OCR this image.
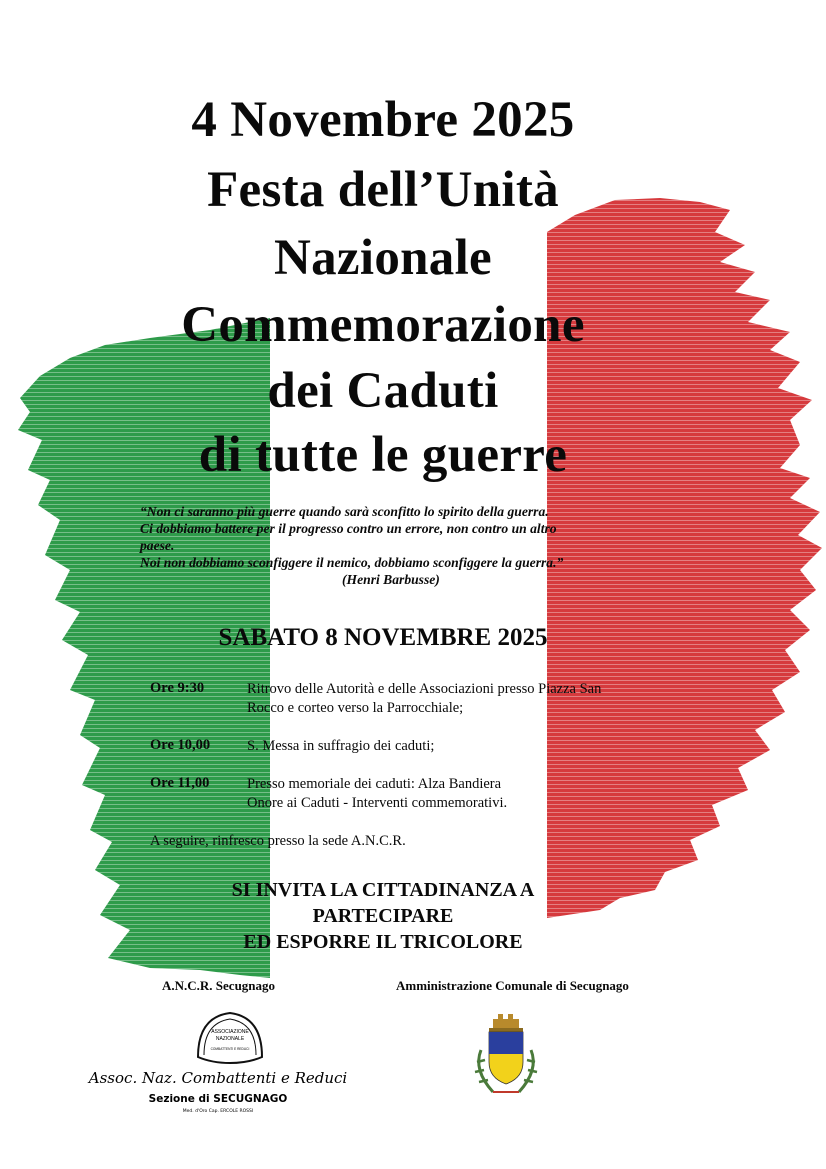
4 Novembre 2025
Festa dell’Unità
Nazionale
Commemorazione
dei Caduti
di tutte le guerre
“Non ci saranno più guerre quando sarà sconfitto lo spirito della guerra.
Ci dobbiamo battere per il progresso contro un errore, non contro un altro
paese.
Noi non dobbiamo sconfiggere il nemico, dobbiamo sconfiggere la guerra.”
(Henri Barbusse)
SABATO 8 NOVEMBRE 2025
Ore 9:30	Ritrovo delle Autorità e delle Associazioni presso Piazza San
Rocco e corteo verso la Parrocchiale;
Ore 10,00	S. Messa in suffragio dei caduti;
Ore 11,00	Presso memoriale dei caduti: Alza Bandiera
Onore ai Caduti - Interventi commemorativi.
A seguire, rinfresco presso la sede A.N.C.R.
SI INVITA LA CITTADINANZA A
PARTECIPARE
ED ESPORRE IL TRICOLORE
A.N.C.R. Secugnago	Amministrazione Comunale di Secugnago
ASSOCIAZIONE
NAZIONALE
COMBATTENTI E REDUCI
Assoc. Naz. Combattenti e Reduci
Sezione di SECUGNAGO
Med. d'Oro Cap. ERCOLE ROSSI
